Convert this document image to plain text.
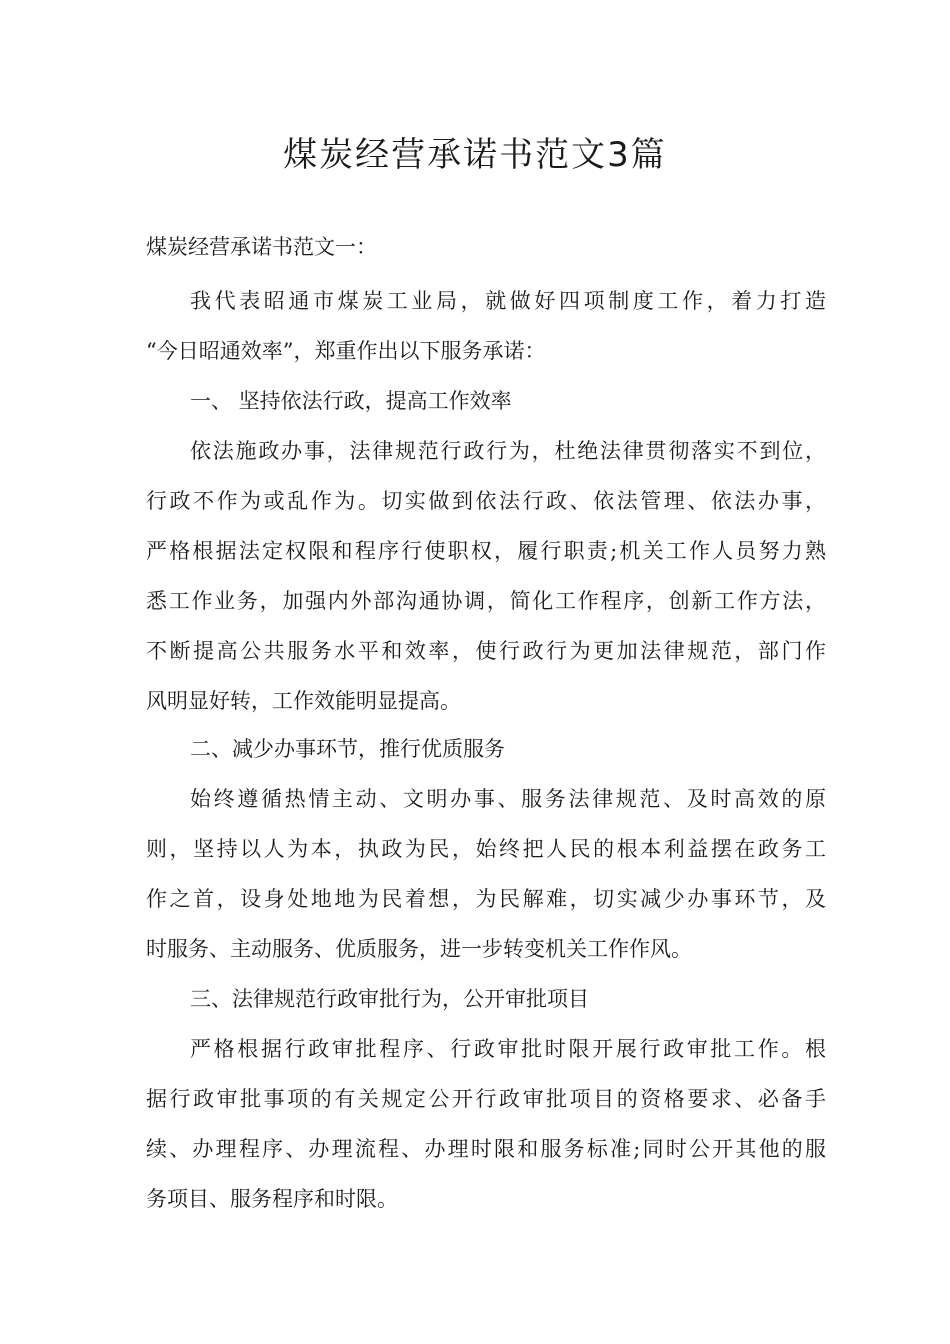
煤炭经营承诺书范文3篇
煤炭经营承诺书范文一：
我代表昭通市煤炭工业局，就做好四项制度工作，着力打造
“今日昭通效率”，郑重作出以下服务承诺：
一、 坚持依法行政，提高工作效率
依法施政办事，法律规范行政行为，杜绝法律贯彻落实不到位，
行政不作为或乱作为。切实做到依法行政、依法管理、依法办事，
严格根据法定权限和程序行使职权，履行职责;机关工作人员努力熟
悉工作业务，加强内外部沟通协调，简化工作程序，创新工作方法，
不断提高公共服务水平和效率，使行政行为更加法律规范，部门作
风明显好转，工作效能明显提高。
二、减少办事环节，推行优质服务
始终遵循热情主动、文明办事、服务法律规范、及时高效的原
则，坚持以人为本，执政为民，始终把人民的根本利益摆在政务工
作之首，设身处地地为民着想，为民解难，切实减少办事环节，及
时服务、主动服务、优质服务，进一步转变机关工作作风。
三、法律规范行政审批行为，公开审批项目
严格根据行政审批程序、行政审批时限开展行政审批工作。根
据行政审批事项的有关规定公开行政审批项目的资格要求、必备手
续、办理程序、办理流程、办理时限和服务标准;同时公开其他的服
务项目、服务程序和时限。
